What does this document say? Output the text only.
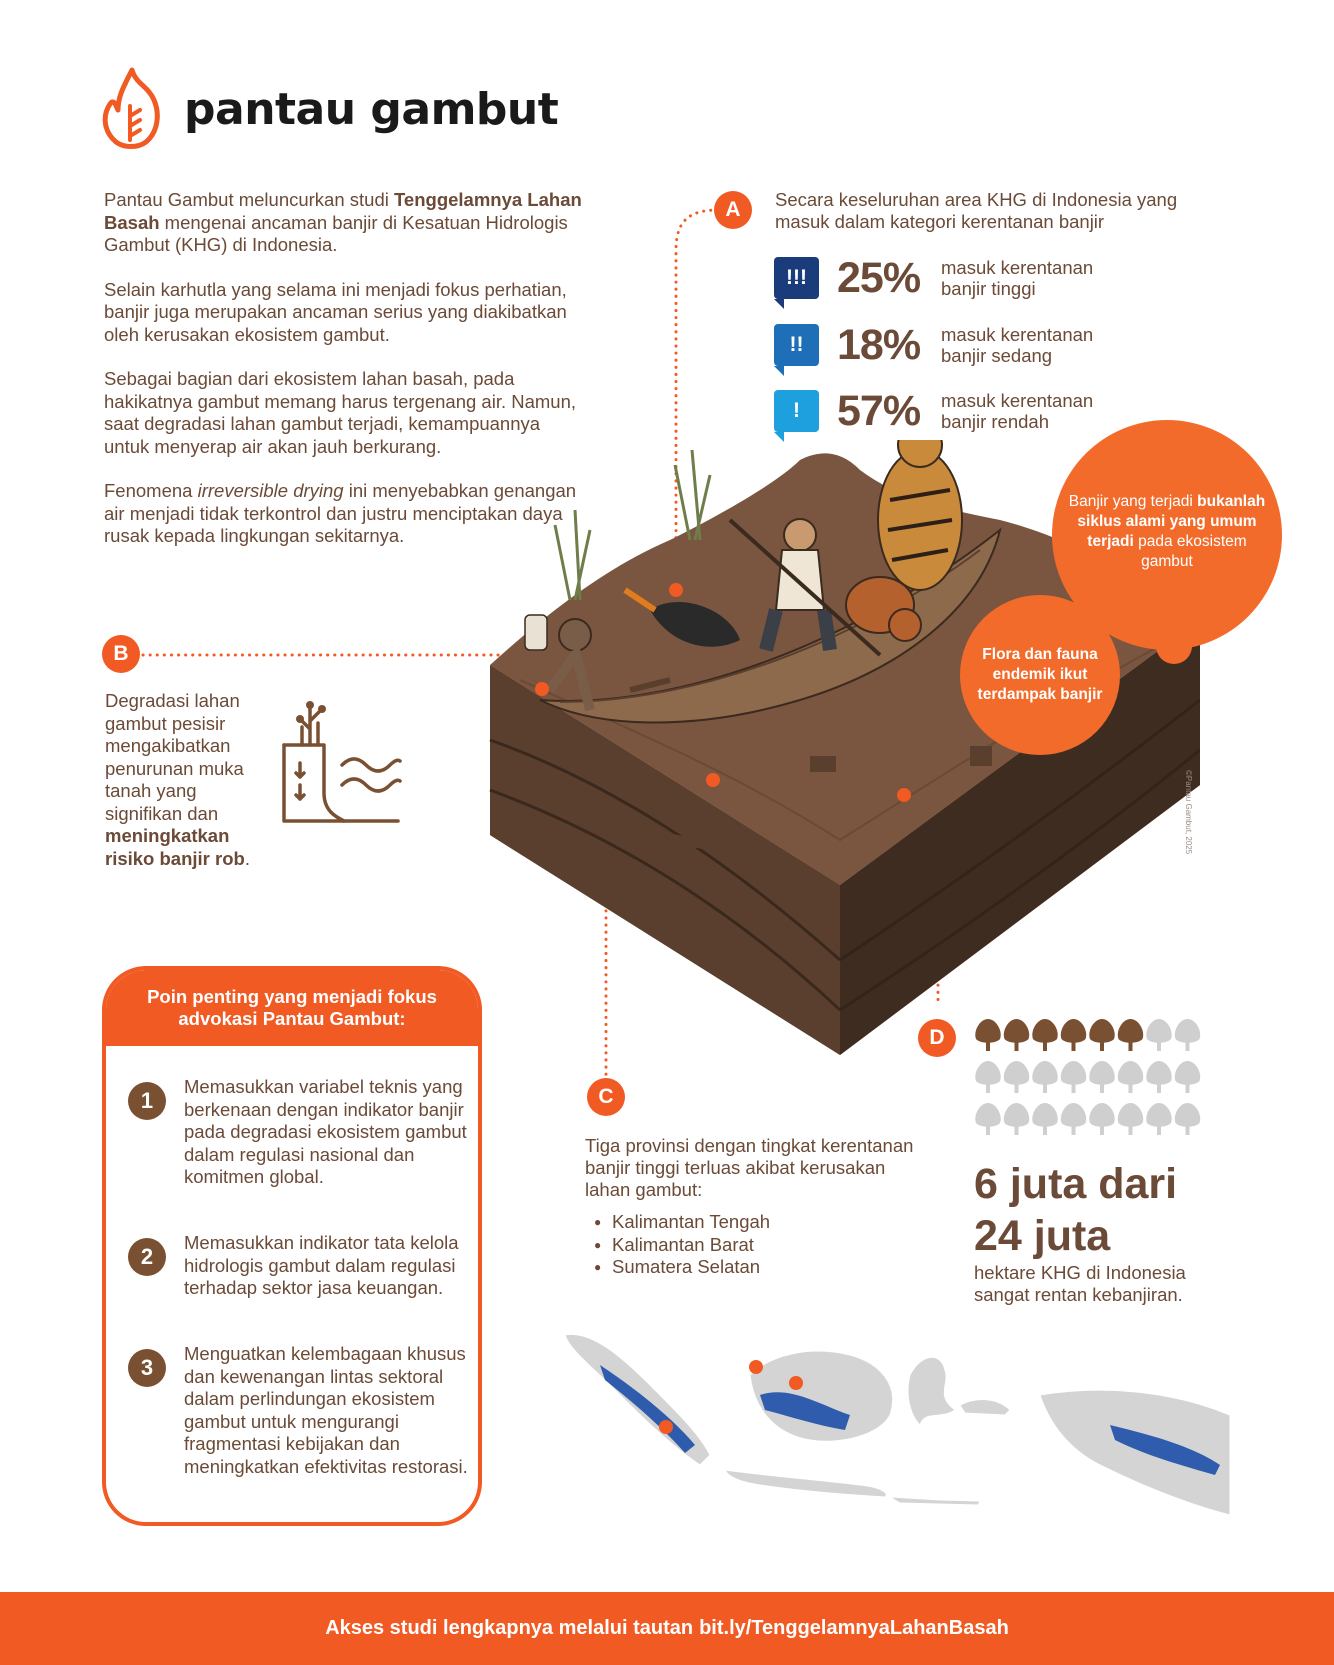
pantau gambut

Pantau Gambut meluncurkan studi Tenggelamnya Lahan Basah mengenai ancaman banjir di Kesatuan Hidrologis Gambut (KHG) di Indonesia.

Selain karhutla yang selama ini menjadi fokus perhatian, banjir juga merupakan ancaman serius yang diakibatkan oleh kerusakan ekosistem gambut.

Sebagai bagian dari ekosistem lahan basah, pada hakikatnya gambut memang harus tergenang air. Namun, saat degradasi lahan gambut terjadi, kemampuannya untuk menyerap air akan jauh berkurang.

Fenomena irreversible drying ini menyebabkan genangan air menjadi tidak terkontrol dan justru menciptakan daya rusak kepada lingkungan sekitarnya.

A	Secara keseluruhan area KHG di Indonesia yang masuk dalam kategori kerentanan banjir
!!! 25%	masuk kerentanan banjir tinggi
!! 18%	masuk kerentanan banjir sedang
! 57%	masuk kerentanan banjir rendah
Banjir yang terjadi bukanlah siklus alami yang umum terjadi pada ekosistem gambut
Flora dan fauna endemik ikut terdampak banjir
©Pantau Gambut, 2025
B
Degradasi lahan gambut pesisir mengakibatkan penurunan muka tanah yang signifikan dan meningkatkan risiko banjir rob.
Poin penting yang menjadi fokus advokasi Pantau Gambut:
1
Memasukkan variabel teknis yang berkenaan dengan indikator banjir pada degradasi ekosistem gambut dalam regulasi nasional dan komitmen global.
2
Memasukkan indikator tata kelola hidrologis gambut dalam regulasi terhadap sektor jasa keuangan.
3
Menguatkan kelembagaan khusus dan kewenangan lintas sektoral dalam perlindungan ekosistem gambut untuk mengurangi fragmentasi kebijakan dan meningkatkan efektivitas restorasi.
C
Tiga provinsi dengan tingkat kerentanan banjir tinggi terluas akibat kerusakan lahan gambut:
● Kalimantan Tengah
● Kalimantan Barat
● Sumatera Selatan
D
6 juta dari
24 juta
hektare KHG di Indonesia sangat rentan kebanjiran.
Akses studi lengkapnya melalui tautan bit.ly/TenggelamnyaLahanBasah
